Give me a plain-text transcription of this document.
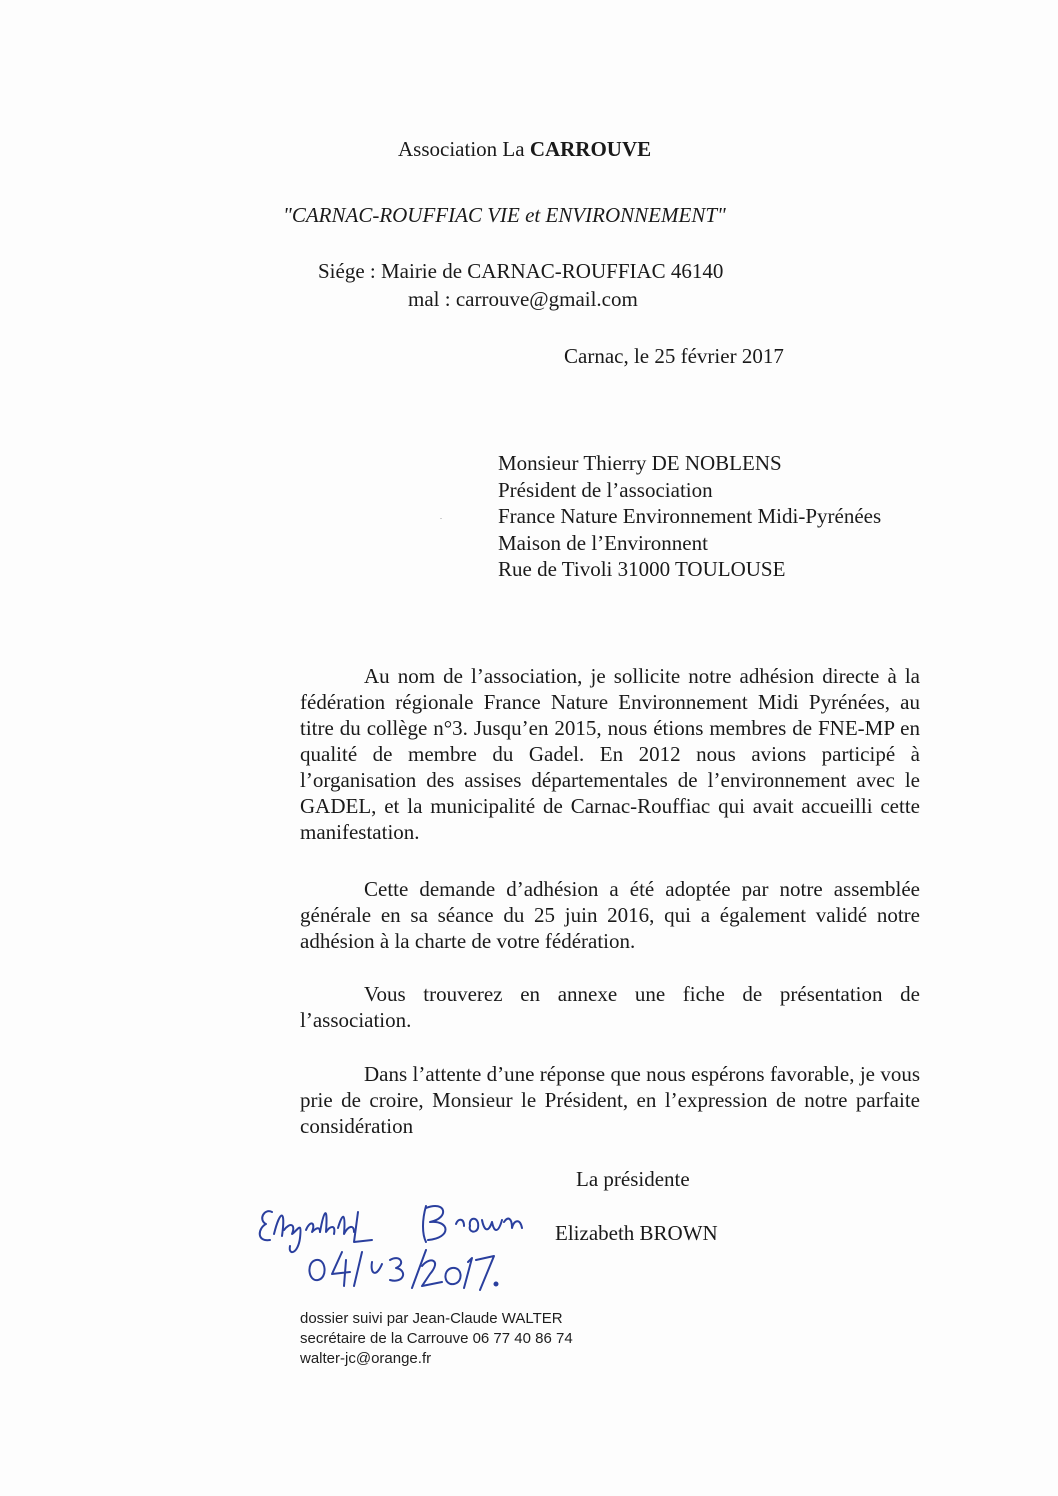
Association La CARROUVE
"CARNAC-ROUFFIAC VIE et ENVIRONNEMENT"
Siége : Mairie de CARNAC-ROUFFIAC 46140
mal : carrouve@gmail.com
Carnac, le 25 février 2017
Monsieur Thierry DE NOBLENS
Président de l’association
France Nature Environnement Midi-Pyrénées
Maison de l’Environnent
Rue de Tivoli 31000 TOULOUSE

Au nom de l’association, je sollicite notre adhésion directe à la fédération régionale France Nature Environnement Midi Pyrénées, au titre du collège n°3. Jusqu’en 2015, nous étions membres de FNE-MP en qualité de membre du Gadel. En 2012 nous avions participé à l’organisation des assises départementales de l’environnement avec le GADEL, et la municipalité de Carnac-Rouffiac qui avait accueilli cette manifestation.

Cette demande d’adhésion a été adoptée par notre assemblée générale en sa séance du 25 juin 2016, qui a également validé notre adhésion à la charte de votre fédération.

Vous trouverez en annexe une fiche de présentation de l’association.

Dans l’attente d’une réponse que nous espérons favorable, je vous prie de croire, Monsieur le Président, en l’expression de notre parfaite considération

La présidente
Elizabeth BROWN
dossier suivi par Jean-Claude WALTER
secrétaire de la Carrouve 06 77 40 86 74
walter-jc@orange.fr
